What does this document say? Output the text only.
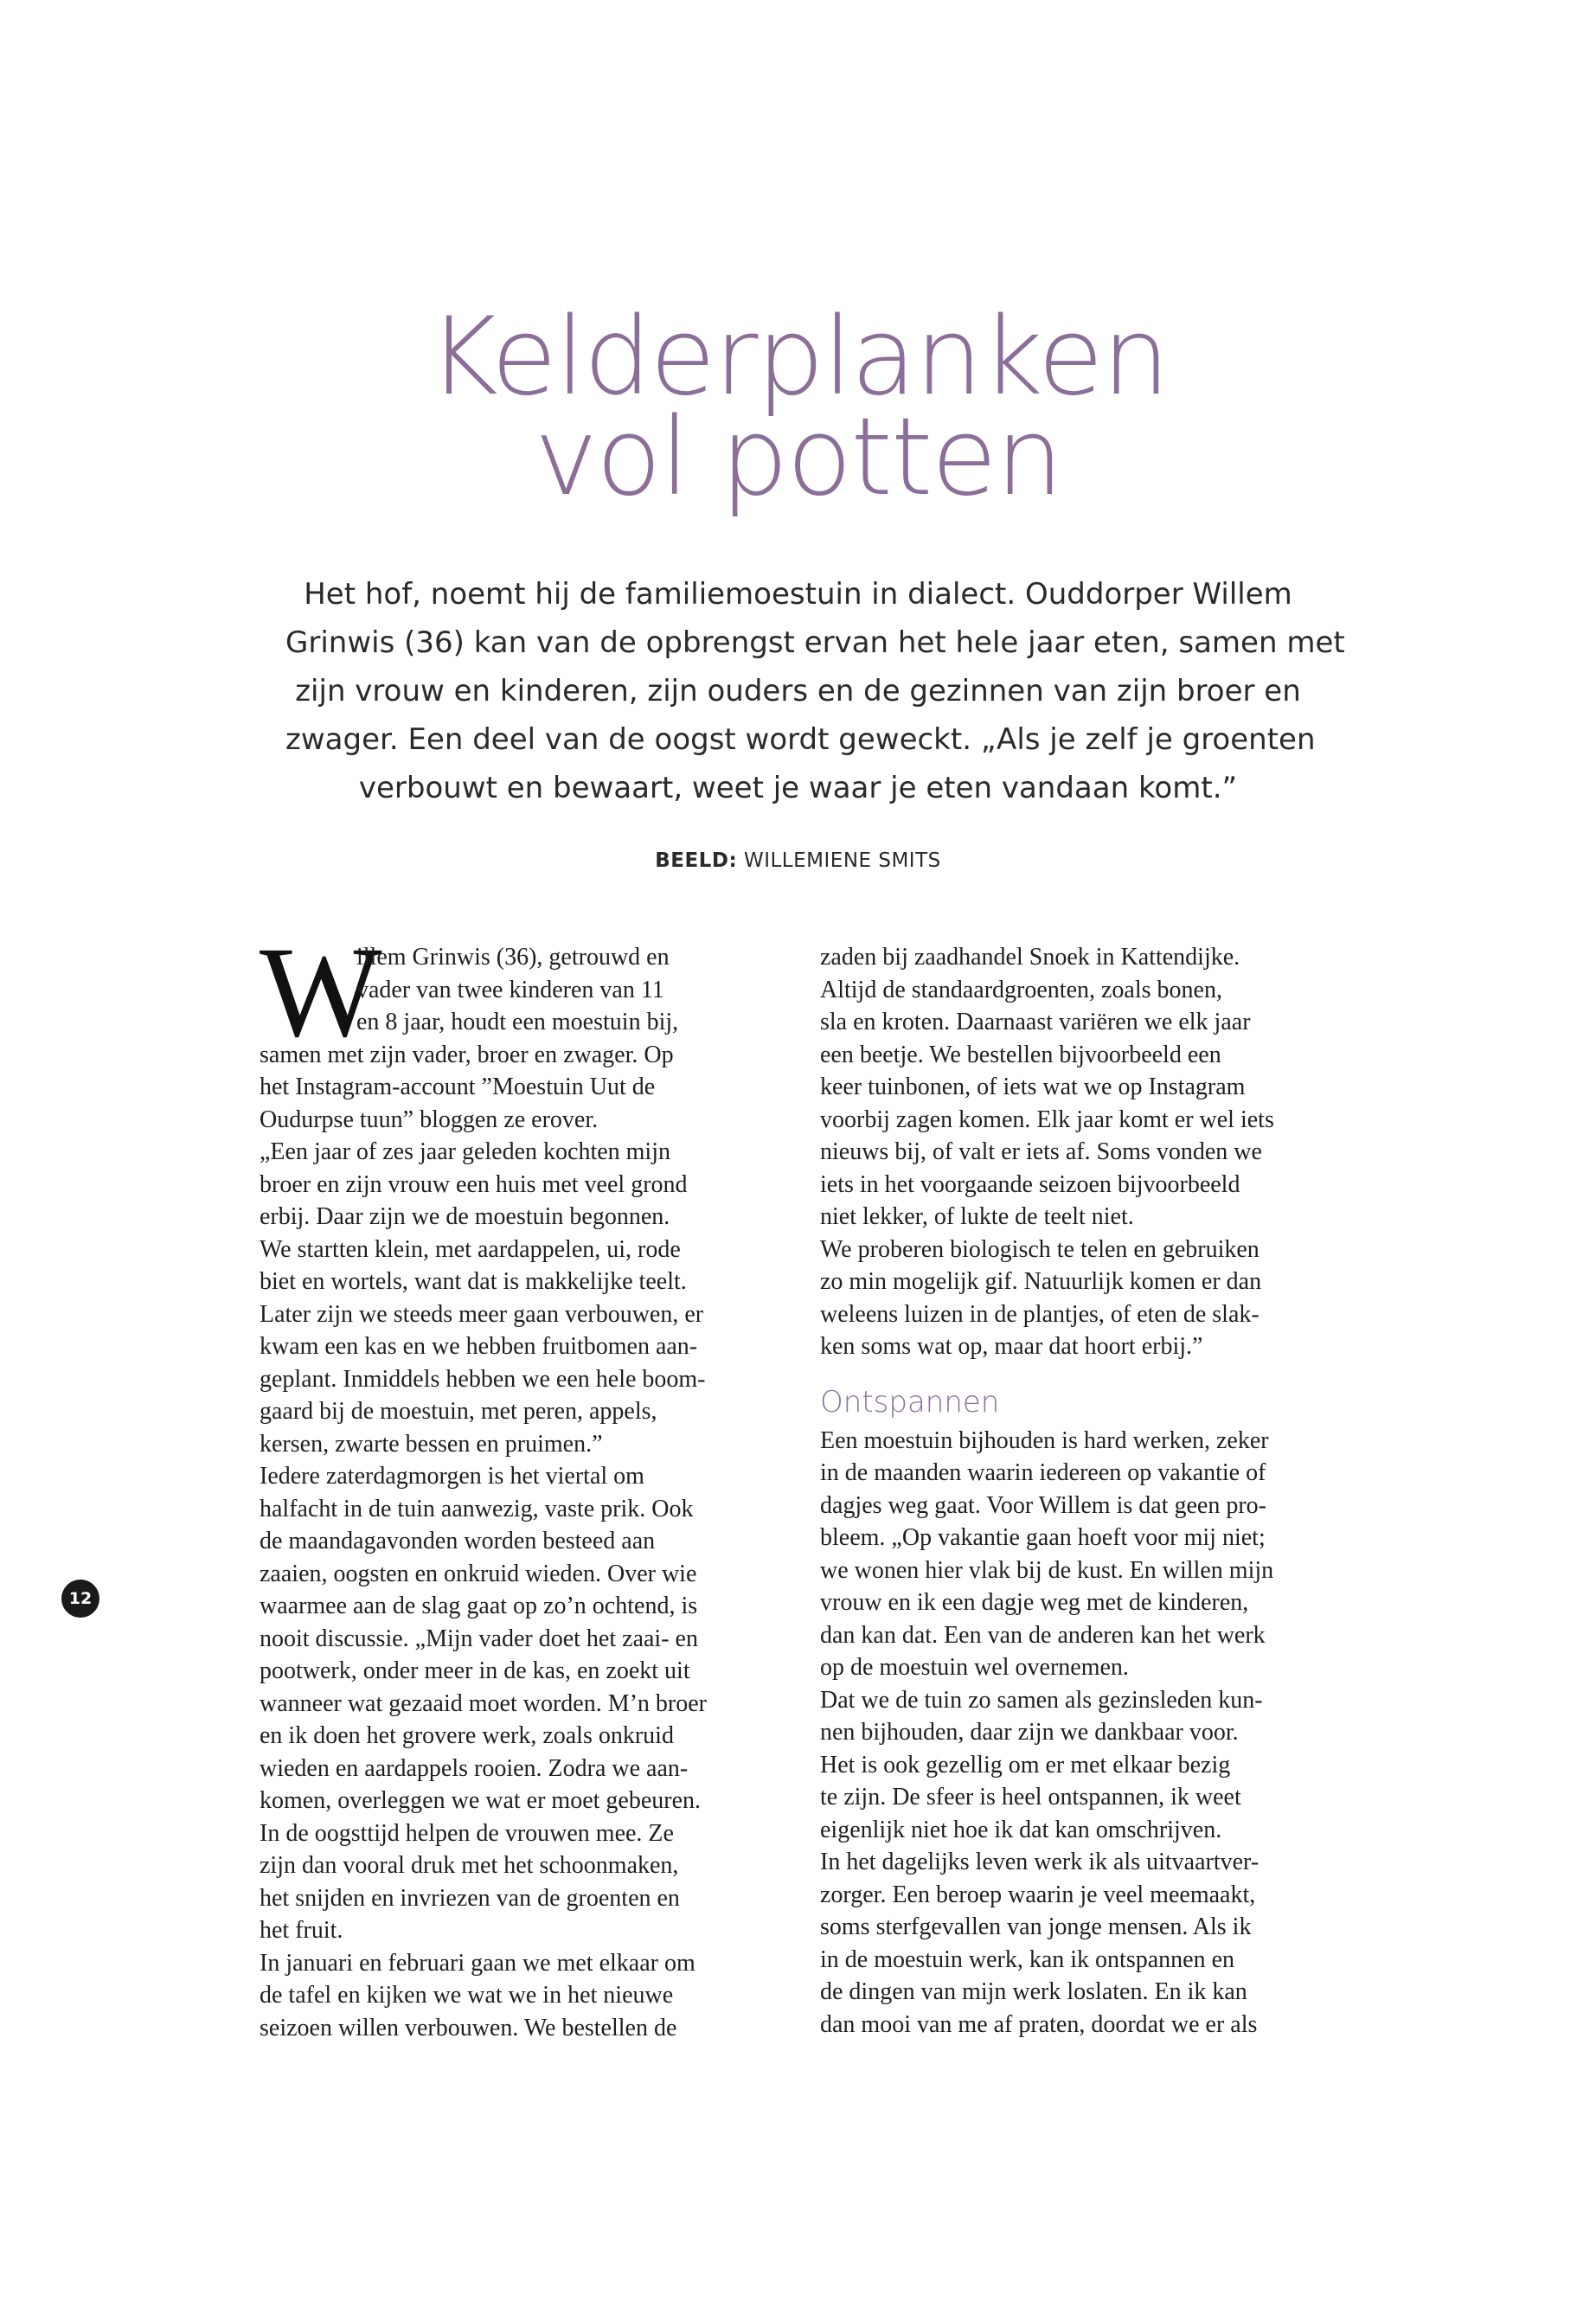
Kelderplanken
vol potten

Het hof, noemt hij de familiemoestuin in dialect. Ouddorper Willem
Grinwis (36) kan van de opbrengst ervan het hele jaar eten, samen met
zijn vrouw en kinderen, zijn ouders en de gezinnen van zijn broer en
zwager. Een deel van de oogst wordt geweckt. „Als je zelf je groenten
verbouwt en bewaart, weet je waar je eten vandaan komt.”

BEELD: WILLEMIENE SMITS
W
illem Grinwis (36), getrouwd en
vader van twee kinderen van 11
en 8 jaar, houdt een moestuin bij,
samen met zijn vader, broer en zwager. Op
het Instagram-account ”Moestuin Uut de
Oudurpse tuun” bloggen ze erover.
„Een jaar of zes jaar geleden kochten mijn
broer en zijn vrouw een huis met veel grond
erbij. Daar zijn we de moestuin begonnen.
We startten klein, met aardappelen, ui, rode
biet en wortels, want dat is makkelijke teelt.
Later zijn we steeds meer gaan verbouwen, er
kwam een kas en we hebben fruitbomen aan-
geplant. Inmiddels hebben we een hele boom-
gaard bij de moestuin, met peren, appels,
kersen, zwarte bessen en pruimen.”
Iedere zaterdagmorgen is het viertal om
halfacht in de tuin aanwezig, vaste prik. Ook
de maandagavonden worden besteed aan
zaaien, oogsten en onkruid wieden. Over wie
waarmee aan de slag gaat op zo’n ochtend, is
nooit discussie. „Mijn vader doet het zaai- en
pootwerk, onder meer in de kas, en zoekt uit
wanneer wat gezaaid moet worden. M’n broer
en ik doen het grovere werk, zoals onkruid
wieden en aardappels rooien. Zodra we aan-
komen, overleggen we wat er moet gebeuren.
In de oogsttijd helpen de vrouwen mee. Ze
zijn dan vooral druk met het schoonmaken,
het snijden en invriezen van de groenten en
het fruit.
In januari en februari gaan we met elkaar om
de tafel en kijken we wat we in het nieuwe
seizoen willen verbouwen. We bestellen de
zaden bij zaadhandel Snoek in Kattendijke.
Altijd de standaardgroenten, zoals bonen,
sla en kroten. Daarnaast variëren we elk jaar
een beetje. We bestellen bijvoorbeeld een
keer tuinbonen, of iets wat we op Instagram
voorbij zagen komen. Elk jaar komt er wel iets
nieuws bij, of valt er iets af. Soms vonden we
iets in het voorgaande seizoen bijvoorbeeld
niet lekker, of lukte de teelt niet.
We proberen biologisch te telen en gebruiken
zo min mogelijk gif. Natuurlijk komen er dan
weleens luizen in de plantjes, of eten de slak-
ken soms wat op, maar dat hoort erbij.”
Ontspannen
Een moestuin bijhouden is hard werken, zeker
in de maanden waarin iedereen op vakantie of
dagjes weg gaat. Voor Willem is dat geen pro-
bleem. „Op vakantie gaan hoeft voor mij niet;
we wonen hier vlak bij de kust. En willen mijn
vrouw en ik een dagje weg met de kinderen,
dan kan dat. Een van de anderen kan het werk
op de moestuin wel overnemen.
Dat we de tuin zo samen als gezinsleden kun-
nen bijhouden, daar zijn we dankbaar voor.
Het is ook gezellig om er met elkaar bezig
te zijn. De sfeer is heel ontspannen, ik weet
eigenlijk niet hoe ik dat kan omschrijven.
In het dagelijks leven werk ik als uitvaartver-
zorger. Een beroep waarin je veel meemaakt,
soms sterfgevallen van jonge mensen. Als ik
in de moestuin werk, kan ik ontspannen en
de dingen van mijn werk loslaten. En ik kan
dan mooi van me af praten, doordat we er als
12
